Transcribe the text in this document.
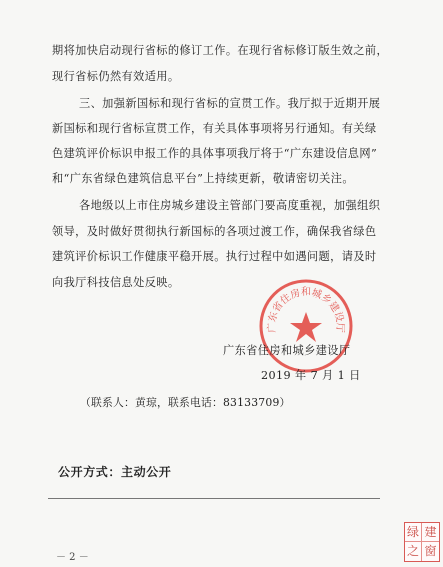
期将加快启动现行省标的修订工作。在现行省标修订版生效之前，
现行省标仍然有效适用。
三、加强新国标和现行省标的宣贯工作。我厅拟于近期开展
新国标和现行省标宣贯工作，有关具体事项将另行通知。有关绿
色建筑评价标识申报工作的具体事项我厅将于“广东建设信息网”
和“广东省绿色建筑信息平台”上持续更新，敬请密切关注。
各地级以上市住房城乡建设主管部门要高度重视，加强组织
领导，及时做好贯彻执行新国标的各项过渡工作，确保我省绿色
建筑评价标识工作健康平稳开展。执行过程中如遇问题，请及时
向我厅科技信息处反映。
广东省住房和城乡建设厅
广东省住房和城乡建设厅
2019 年 7 月 1 日
（联系人：黄琼，联系电话：83133709）
公开方式：主动公开
－ 2 －
绿 建
之 窗
